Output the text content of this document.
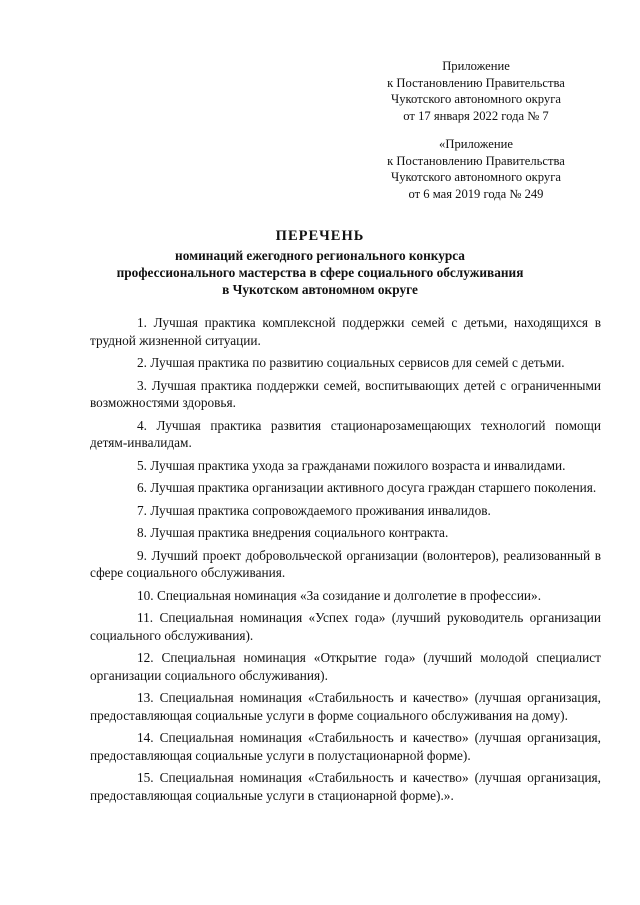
Приложение
к Постановлению Правительства
Чукотского автономного округа
от 17 января 2022 года № 7
«Приложение
к Постановлению Правительства
Чукотского автономного округа
от 6 мая 2019 года № 249
ПЕРЕЧЕНЬ
номинаций ежегодного регионального конкурса
профессионального мастерства в сфере социального обслуживания
в Чукотском автономном округе

1. Лучшая практика комплексной поддержки семей с детьми, находящихся в трудной жизненной ситуации.

2. Лучшая практика по развитию социальных сервисов для семей с детьми.

3. Лучшая практика поддержки семей, воспитывающих детей с ограниченными возможностями здоровья.

4. Лучшая практика развития стационарозамещающих технологий помощи детям-инвалидам.

5. Лучшая практика ухода за гражданами пожилого возраста и инвалидами.

6. Лучшая практика организации активного досуга граждан старшего поколения.

7. Лучшая практика сопровождаемого проживания инвалидов.

8. Лучшая практика внедрения социального контракта.

9. Лучший проект добровольческой организации (волонтеров), реализованный в сфере социального обслуживания.

10. Специальная номинация «За созидание и долголетие в профессии».

11. Специальная номинация «Успех года» (лучший руководитель организации социального обслуживания).

12. Специальная номинация «Открытие года» (лучший молодой специалист организации социального обслуживания).

13. Специальная номинация «Стабильность и качество» (лучшая организация, предоставляющая социальные услуги в форме социального обслуживания на дому).

14. Специальная номинация «Стабильность и качество» (лучшая организация, предоставляющая социальные услуги в полустационарной форме).

15. Специальная номинация «Стабильность и качество» (лучшая организация, предоставляющая социальные услуги в стационарной форме).».
